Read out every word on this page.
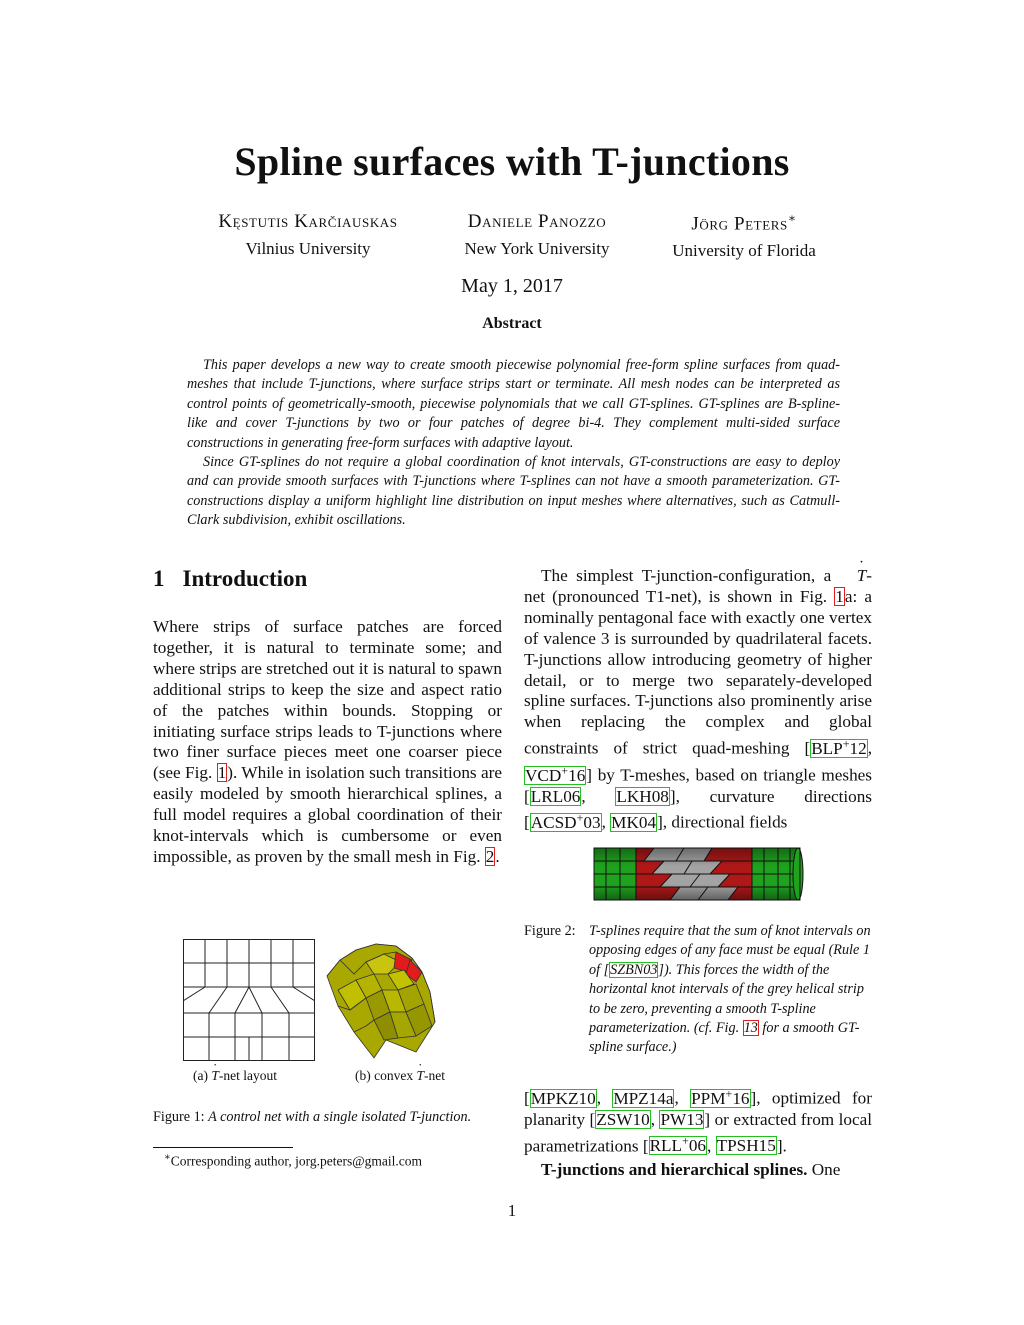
Spline surfaces with T-junctions
Kęstutis Karčiauskas
Vilnius University
Daniele Panozzo
New York University
Jörg Peters∗
University of Florida
May 1, 2017
Abstract

This paper develops a new way to create smooth piecewise polynomial free-form spline surfaces from quad-meshes that include T-junctions, where surface strips start or terminate. All mesh nodes can be interpreted as control points of geometrically-smooth, piecewise polynomials that we call GT-splines. GT-splines are B-spline-like and cover T-junctions by two or four patches of degree bi-4. They complement multi-sided surface constructions in generating free-form surfaces with adaptive layout.

Since GT-splines do not require a global coordination of knot intervals, GT-constructions are easy to deploy and can provide smooth surfaces with T-junctions where T-splines can not have a smooth parameterization. GT-constructions display a uniform highlight line distribution on input meshes where alternatives, such as Catmull-Clark subdivision, exhibit oscillations.

1 Introduction

Where strips of surface patches are forced together, it is natural to terminate some; and where strips are stretched out it is natural to spawn additional strips to keep the size and aspect ratio of the patches within bounds. Stopping or initiating surface strips leads to T-junctions where two finer surface pieces meet one coarser piece (see Fig. 1). While in isolation such transitions are easily modeled by smooth hierarchical splines, a full model requires a global coordination of their knot-intervals which is cumbersome or even impossible, as proven by the small mesh in Fig. 2.

The simplest T-junction-configuration, a ˙ T-net (pronounced T1-net), is shown in Fig. 1a: a nominally pentagonal face with exactly one vertex of valence 3 is surrounded by quadrilateral facets. T-junctions allow introducing geometry of higher detail, or to merge two separately-developed spline surfaces. T-junctions also prominently arise when replacing the complex and global constraints of strict quad-meshing [BLP+12, VCD+16] by T-meshes, based on triangle meshes [LRL06, LKH08], curvature directions [ACSD+03, MK04], directional fields

Figure 2: T-splines require that the sum of knot intervals on opposing edges of any face must be equal (Rule 1 of [SZBN03]). This forces the width of the horizontal knot intervals of the grey helical strip to be zero, preventing a smooth T-spline parameterization. (cf. Fig. 13 for a smooth GT-spline surface.)
(a) ˙ T-net layout	(b) convex ˙ T-net
Figure 1: A control net with a single isolated T-junction.

[MPKZ10, MPZ14a, PPM+16], optimized for planarity [ZSW10, PW13] or extracted from local parametrizations [RLL+06, TPSH15].

T-junctions and hierarchical splines. One

∗Corresponding author, jorg.peters@gmail.com
1
